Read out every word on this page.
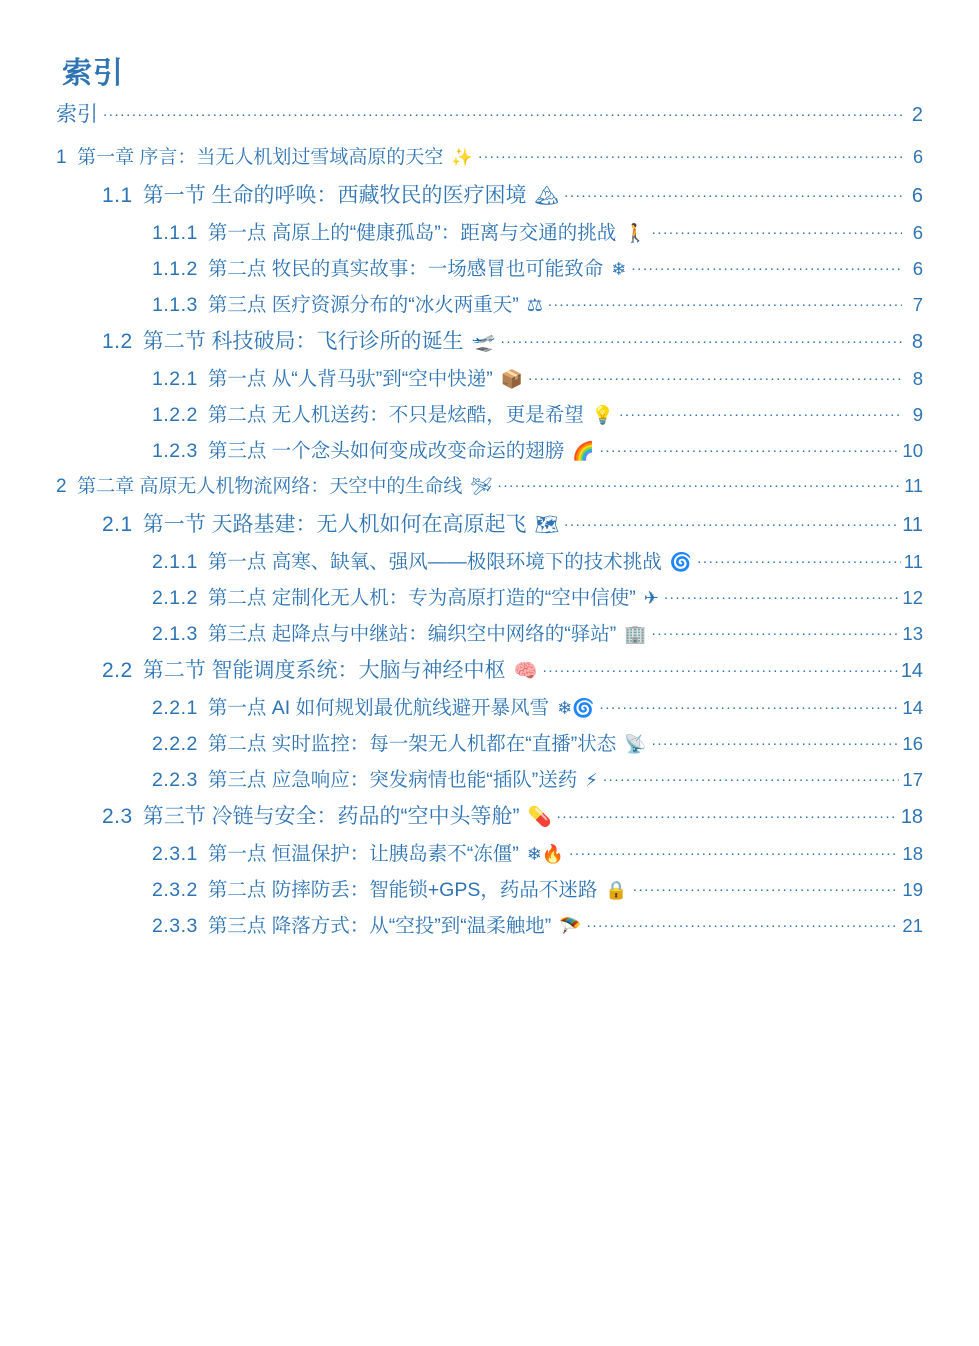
索引
索引 .....	2
1 第一章 序言：当无人机划过雪域高原的天空 ✨ .....	6
1.1 第一节 生命的呼唤：西藏牧民的医疗困境 🏔 .....	6
1.1.1 第一点 高原上的“健康孤岛”：距离与交通的挑战 🚶 .....	6
1.1.2 第二点 牧民的真实故事：一场感冒也可能致命 ❄ .....	6
1.1.3 第三点 医疗资源分布的“冰火两重天” ⚖ .....	7
1.2 第二节 科技破局：飞行诊所的诞生 🛫 .....	8
1.2.1 第一点 从“人背马驮”到“空中快递” 📦 .....	8
1.2.2 第二点 无人机送药：不只是炫酷，更是希望 💡 .....	9
1.2.3 第三点 一个念头如何变成改变命运的翅膀 🌈 .....	10
2 第二章 高原无人机物流网络：天空中的生命线 🛩 .....	11
2.1 第一节 天路基建：无人机如何在高原起飞 🗺 .....	11
2.1.1 第一点 高寒、缺氧、强风——极限环境下的技术挑战 🌀 .....	11
2.1.2 第二点 定制化无人机：专为高原打造的“空中信使” ✈ .....	12
2.1.3 第三点 起降点与中继站：编织空中网络的“驿站” 🏢 .....	13
2.2 第二节 智能调度系统：大脑与神经中枢 🧠 .....	14
2.2.1 第一点 AI 如何规划最优航线避开暴风雪 ❄🌀 .....	14
2.2.2 第二点 实时监控：每一架无人机都在“直播”状态 📡 .....	16
2.2.3 第三点 应急响应：突发病情也能“插队”送药 ⚡ .....	17
2.3 第三节 冷链与安全：药品的“空中头等舱” 💊 .....	18
2.3.1 第一点 恒温保护：让胰岛素不“冻僵” ❄🔥 .....	18
2.3.2 第二点 防摔防丢：智能锁+GPS，药品不迷路 🔒 .....	19
2.3.3 第三点 降落方式：从“空投”到“温柔触地” 🪂 .....	21
